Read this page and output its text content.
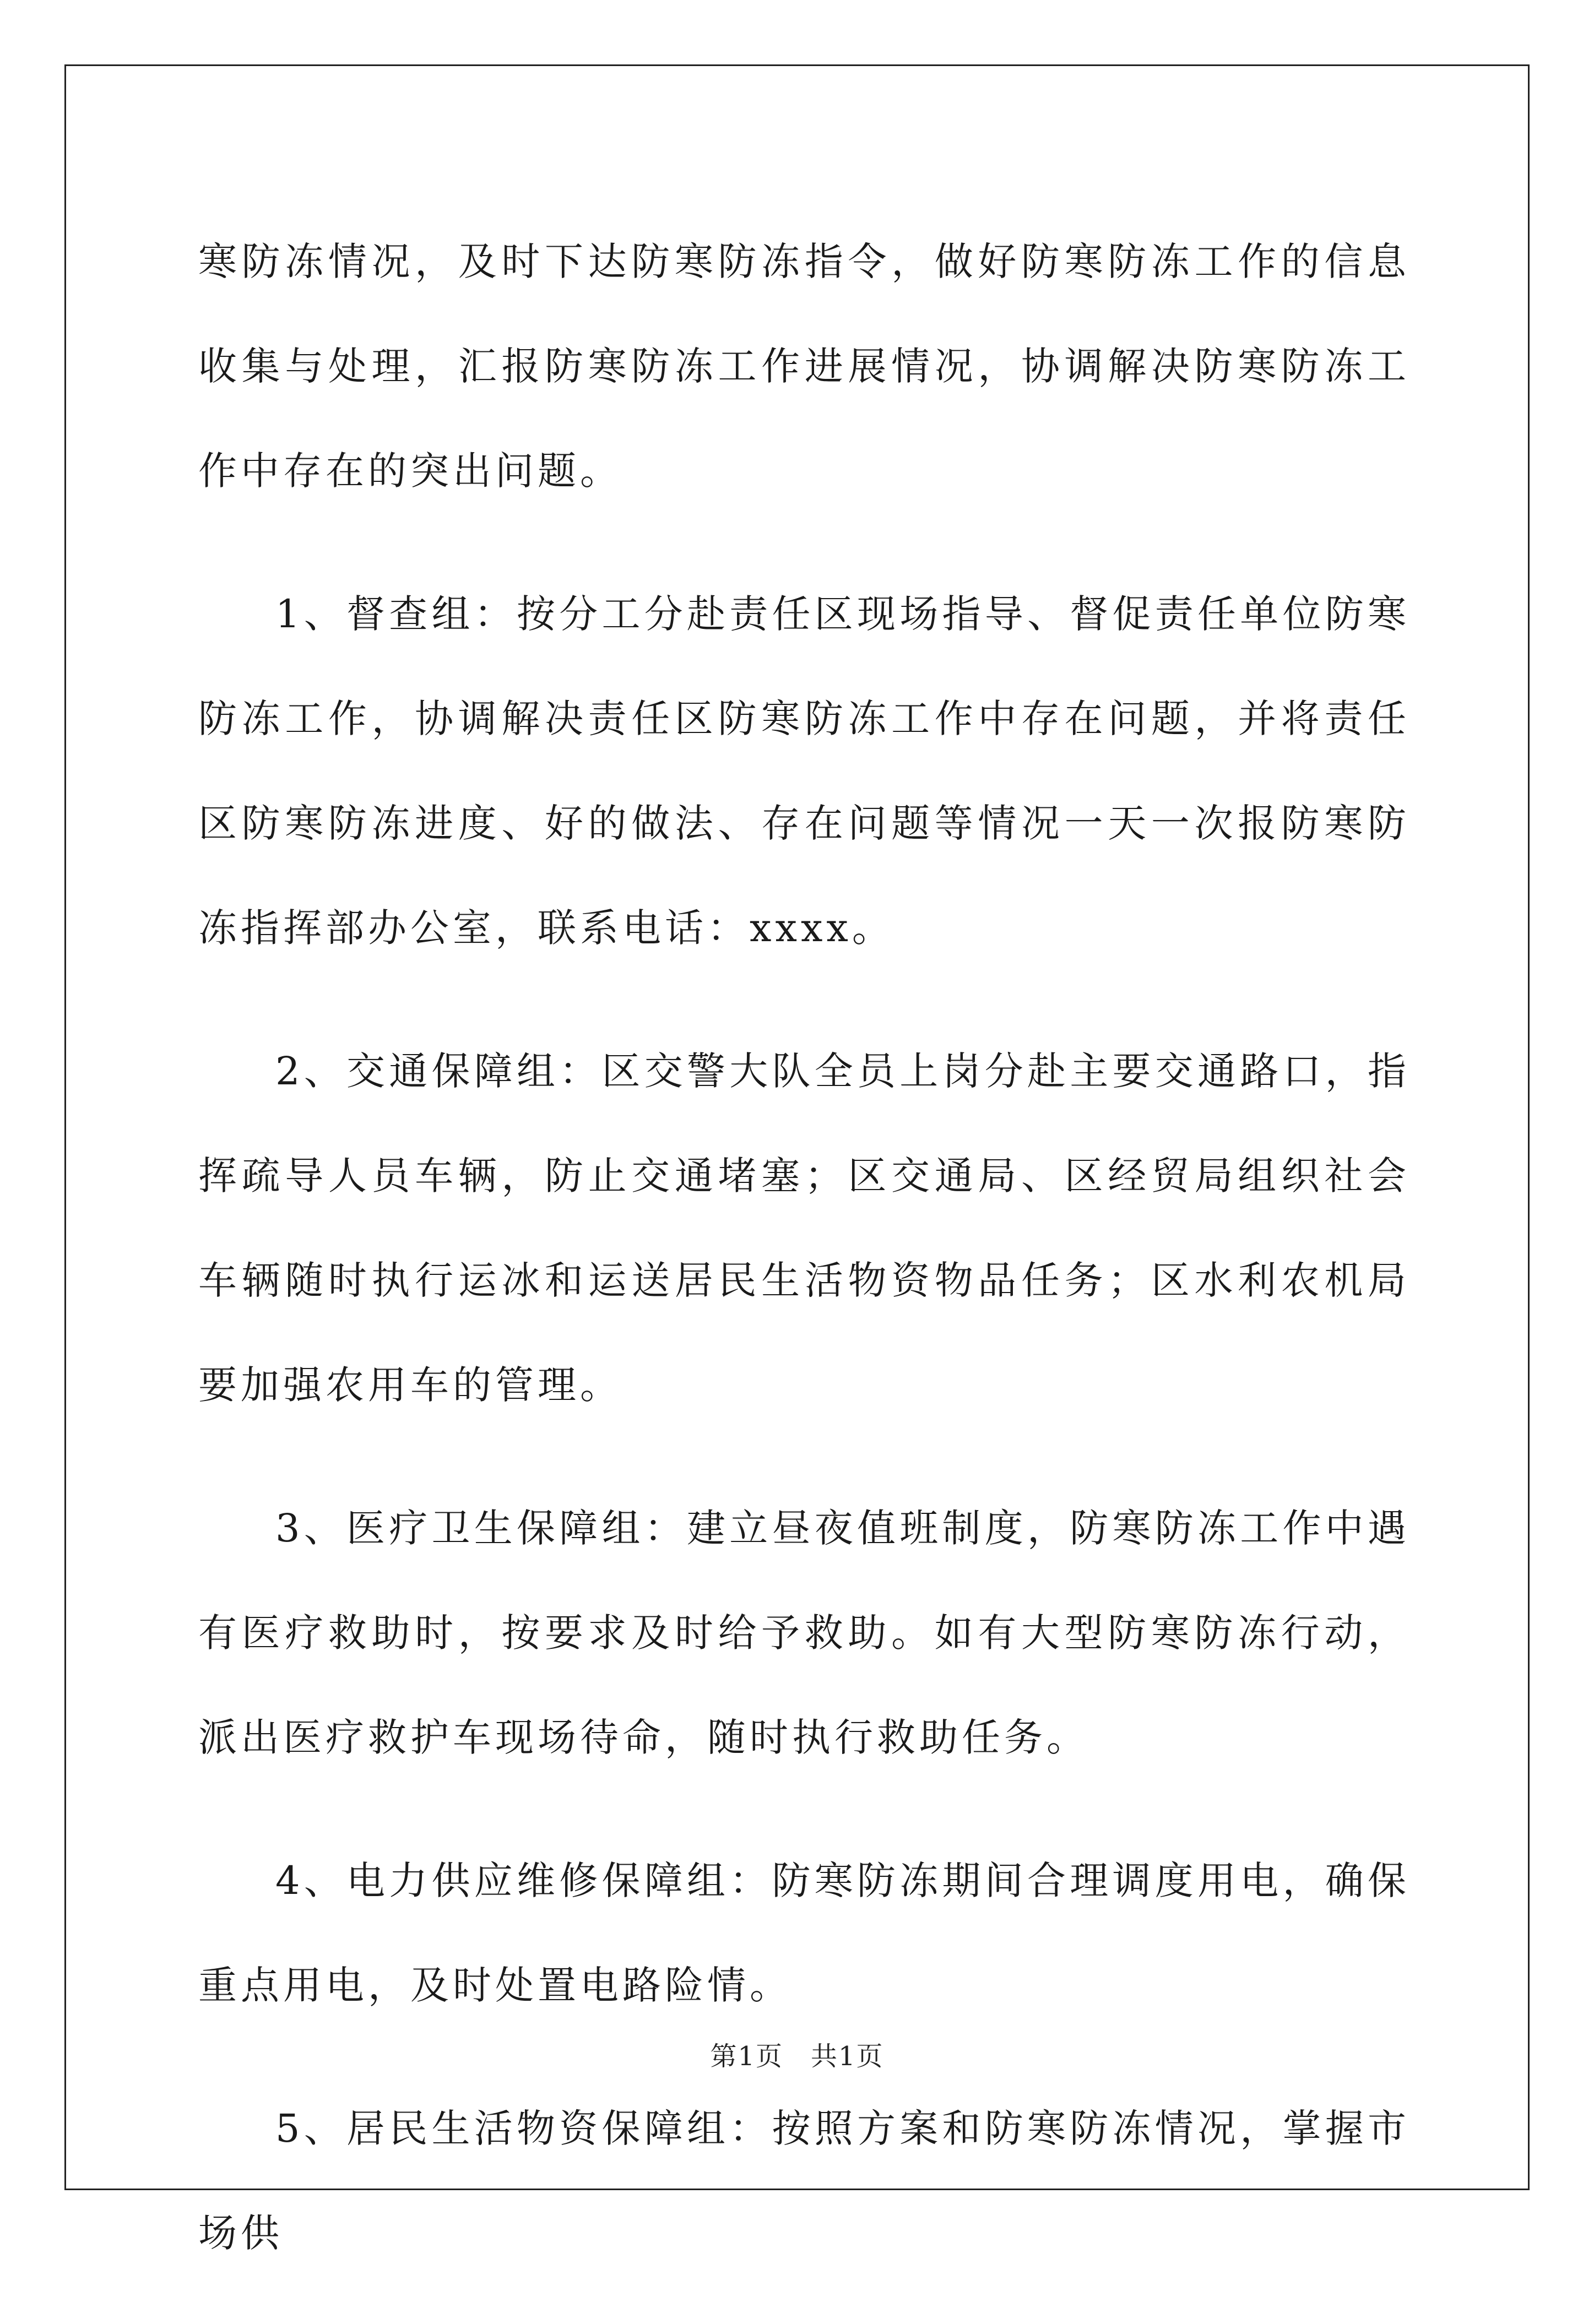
寒防冻情况，及时下达防寒防冻指令，做好防寒防冻工作的信息收集与处理，汇报防寒防冻工作进展情况，协调解决防寒防冻工作中存在的突出问题。

1、督查组：按分工分赴责任区现场指导、督促责任单位防寒防冻工作，协调解决责任区防寒防冻工作中存在问题，并将责任区防寒防冻进度、好的做法、存在问题等情况一天一次报防寒防冻指挥部办公室，联系电话：xxxx。

2、交通保障组：区交警大队全员上岗分赴主要交通路口，指挥疏导人员车辆，防止交通堵塞；区交通局、区经贸局组织社会车辆随时执行运冰和运送居民生活物资物品任务；区水利农机局要加强农用车的管理。

3、医疗卫生保障组：建立昼夜值班制度，防寒防冻工作中遇有医疗救助时，按要求及时给予救助。如有大型防寒防冻行动，派出医疗救护车现场待命，随时执行救助任务。

4、电力供应维修保障组：防寒防冻期间合理调度用电，确保重点用电，及时处置电路险情。

5、居民生活物资保障组：按照方案和防寒防冻情况，掌握市场供

第1页　共1页
